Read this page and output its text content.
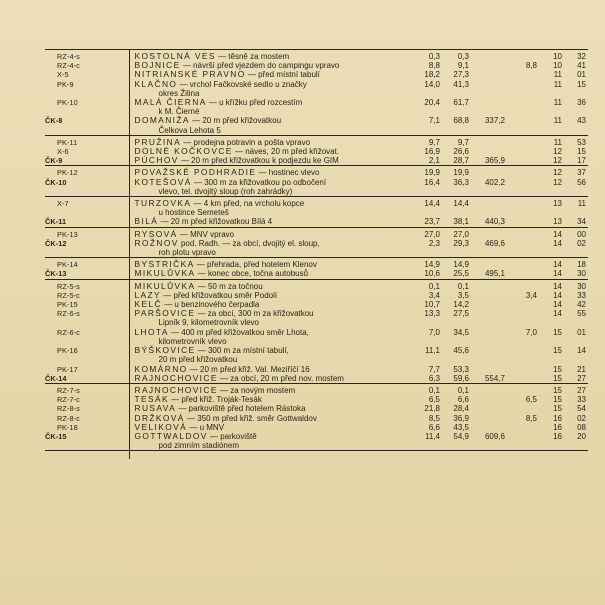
RZ-4-s	KOSTOLNÁ VES — těsně za mostem	0,3	0,3			10	32
RZ-4-c	BOJNICE — návrší před vjezdem do campingu vpravo	8,8	9,1		8,8	10	41
X-5	NITRIANSKÉ PRAVNO — před místní tabulí	18,2	27,3			11	01
PK-9	KLAČNO — vrchol Fačkovské sedlo u značky
okres Žilina	14,0	41,3			11	15
PK-10	MALÁ ČIERNA — u křížku před rozcestím
k M. Čierné	20,4	61,7			11	36
ČK-8	DOMANIŽA — 20 m před křižovatkou
Čelkova Lehota 5	7,1	68,8	337,2		11	43
PK-11	PRUŽINA — prodejna potravin a pošta vpravo	9,7	9,7			11	53
X-6	DOLNÉ KOČKOVCE — náves, 20 m před křižovat.	16,9	26,6			12	15
ČK-9	PÚCHOV — 20 m před křižovatkou k podjezdu ke GIM	2,1	28,7	365,9		12	17
PK-12	POVAŽSKÉ PODHRADIE — hostinec vlevo	19,9	19,9			12	37
ČK-10	KOTEŠOVÁ — 300 m za křižovatkou po odbočení
vlevo, tel. dvojitý sloup (roh zahrádky)	16,4	36,3	402,2		12	56
X-7	TURZOVKA — 4 km před, na vrcholu kopce
u hostince Semeteš	14,4	14,4			13	11
ČK-11	BILÁ — 20 m před křižovatkou Bílá 4	23,7	38,1	440,3		13	34
PK-13	RYSOVÁ — MNV vpravo	27,0	27,0			14	00
ČK-12	ROŽNOV pod. Radh. — za obcí, dvojitý el. sloup,
roh plotu vpravo	2,3	29,3	469,6		14	02
PK-14	BYSTRIČKA — přehrada, před hotelem Klenov	14,9	14,9			14	18
ČK-13	MIKULŮVKA — konec obce, točna autobusů	10,6	25,5	495,1		14	30
RZ-5-s	MIKULŮVKA — 50 m za točnou	0,1	0,1			14	30
RZ-5-c	LAZY — před křižovatkou směr Podolí	3,4	3,5		3,4	14	33
PK-15	KELČ — u benzinového čerpadla	10,7	14,2			14	42
RZ-6-s	PARŠOVICE — za obcí, 300 m za křižovatkou
Lipník 9, kilometrovník vlevo	13,3	27,5			14	55
RZ-6-c	LHOTA — 400 m před křižovatkou směr Lhota,
kilometrovník vlevo	7,0	34,5		7,0	15	01
PK-16	BÝŠKOVICE — 300 m za místní tabulí,
20 m před křižovatkou	11,1	45,6			15	14
PK-17	KOMÁRNO — 20 m před křiž. Val. Meziříčí 16	7,7	53,3			15	21
ČK-14	RAJNOCHOVICE — za obcí, 20 m před nov. mostem	6,3	59,6	554,7		15	27
RZ-7-s	RAJNOCHOVICE — za novým mostem	0,1	0,1			15	27
RZ-7-c	TESÁK — před křiž. Troják-Tesák	6,5	6,6		6,5	15	33
RZ-8-s	RUSAVA — parkoviště před hotelem Rástoka	21,8	28,4			15	54
RZ-8-c	DRŽKOVÁ — 350 m před křiž. směr Gottwaldov	8,5	36,9		8,5	16	02
PK-18	VELIKOVÁ — u MNV	6,6	43,5			16	08
ČK-15	GOTTWALDOV — parkoviště
pod zimním stadiónem	11,4	54,9	609,6		16	20
